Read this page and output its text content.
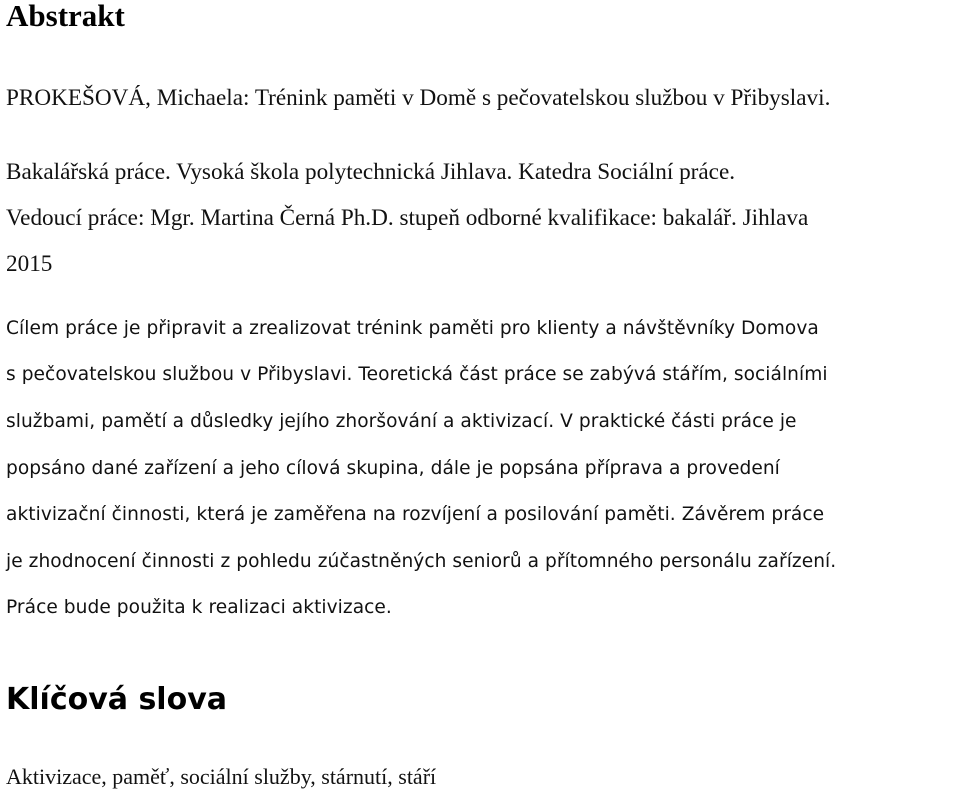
Abstrakt

PROKEŠOVÁ, Michaela: Trénink paměti v Domě s pečovatelskou službou v Přibyslavi.

Bakalářská práce. Vysoká škola polytechnická Jihlava. Katedra Sociální práce.

Vedoucí práce: Mgr. Martina Černá Ph.D. stupeň odborné kvalifikace: bakalář. Jihlava

2015

Cílem práce je připravit a zrealizovat trénink paměti pro klienty a návštěvníky Domova

s pečovatelskou službou v Přibyslavi. Teoretická část práce se zabývá stářím, sociálními

službami, pamětí a důsledky jejího zhoršování a aktivizací. V praktické části práce je

popsáno dané zařízení a jeho cílová skupina, dále je popsána příprava a provedení

aktivizační činnosti, která je zaměřena na rozvíjení a posilování paměti. Závěrem práce

je zhodnocení činnosti z pohledu zúčastněných seniorů a přítomného personálu zařízení.

Práce bude použita k realizaci aktivizace.

Klíčová slova

Aktivizace, paměť, sociální služby, stárnutí, stáří
